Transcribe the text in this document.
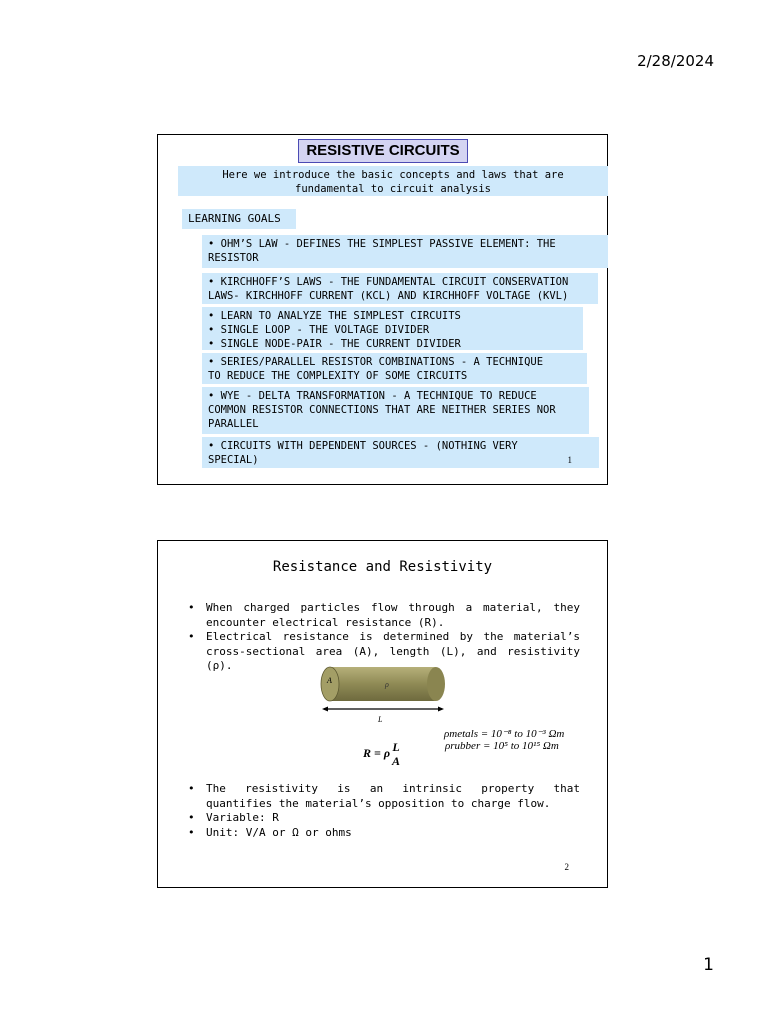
2/28/2024
RESISTIVE CIRCUITS
Here we introduce the basic concepts and laws that are
fundamental to circuit analysis
LEARNING GOALS
• OHM’S LAW - DEFINES THE SIMPLEST PASSIVE ELEMENT: THE
RESISTOR
• KIRCHHOFF’S LAWS - THE FUNDAMENTAL CIRCUIT CONSERVATION
LAWS- KIRCHHOFF CURRENT (KCL) AND KIRCHHOFF VOLTAGE (KVL)
• LEARN TO ANALYZE THE SIMPLEST CIRCUITS
• SINGLE LOOP - THE VOLTAGE DIVIDER
• SINGLE NODE-PAIR - THE CURRENT DIVIDER
• SERIES/PARALLEL RESISTOR COMBINATIONS - A TECHNIQUE
TO REDUCE THE COMPLEXITY OF SOME CIRCUITS
• WYE - DELTA TRANSFORMATION - A TECHNIQUE TO REDUCE
COMMON RESISTOR CONNECTIONS THAT ARE NEITHER SERIES NOR
PARALLEL
• CIRCUITS WITH DEPENDENT SOURCES - (NOTHING VERY
SPECIAL)	1
Resistance and Resistivity
• When charged particles flow through a material, they
encounter electrical resistance (R).
• Electrical resistance is determined by the material’s
cross-sectional area (A), length (L), and resistivity
(ρ).
A	ρ
L
R = ρ L
A
ρmetals = 10⁻⁸ to 10⁻³ Ωm
ρrubber = 10⁵ to 10¹⁵ Ωm
• The resistivity is an intrinsic property that
quantifies the material’s opposition to charge flow.
• Variable: R
• Unit: V/A or Ω or ohms
2
1
